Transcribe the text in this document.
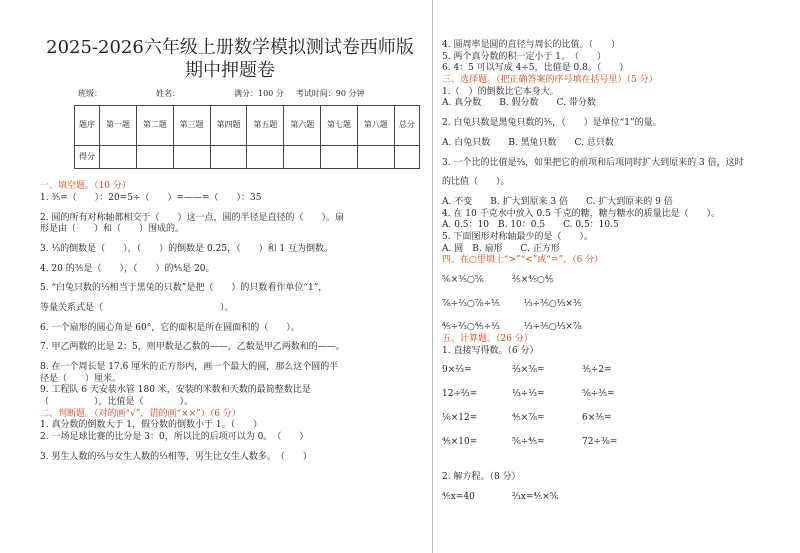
2025-2026六年级上册数学模拟测试卷西师版
期中押题卷
班级：	姓名：	满分：100 分 考试时间：90 分钟
题序	第一题	第二题	第三题	第四题	第五题	第六题	第七题	第八题	总分
得分									
一、填空题。（10 分）
1. ⅗=（　　）：20=5÷（　　）=——=（　　）：35
2. 圆的所有对称轴都相交于（　　）这一点，圆的半径是直径的（　　）。扇
形是由（　　）和（　　）围成的。
3. ⅓的倒数是（　　），（　　）的倒数是 0.25，（　　）和 1 互为倒数。
4. 20 的⅗是（　　），（　　）的⅘是 20。
5. “白兔只数的⅓相当于黑兔的只数”是把（　　）的只数看作单位“1”，
等量关系式是（　　　　　　　　　　　　　）。
6. 一个扇形的圆心角是 60°，它的面积是所在圆面积的（　　）。
7. 甲乙两数的比是 2：5，则甲数是乙数的——，乙数是甲乙两数和的——。
8. 在一个周长是 17.6 厘米的正方形内，画一个最大的圆，那么这个圆的半
径是（　　）厘米。
9. 工程队 6 天安装水管 180 米，安装的米数和天数的最简整数比是
（　　　　　），比值是（　　　　）。
二、判断题。（对的画“√”，错的画“××”）（6 分）
1. 真分数的倒数大于 1，假分数的倒数小于 1。（　　）
2. 一场足球比赛的比分是 3：0，所以比的后项可以为 0。　（　　）
3. 男生人数的⅔与女生人数的⅓相等，男生比女生人数多。　（　　）
4. 圆周率是圆的直径与周长的比值。（　　）
5. 两个真分数的积一定小于 1。　（　　）
6. 4：5 可以写成 4÷5，比值是 0.8。（　　）
三、选择题。（把正确答案的序号填在括号里）（5 分）
1.（　）的倒数比它本身大。
A. 真分数　　B. 假分数　　C. 带分数
2. 白兔只数是黑兔只数的⅗，（　　）是单位“1”的量。
A. 白兔只数　　B. 黑兔只数　　C. 总只数
3. 一个比的比值是⅔，如果把它的前项和后项同时扩大到原来的 3 倍，这时
的比值（　　）。
A. 不变　　B. 扩大到原来 3 倍　　C. 扩大到原来的 9 倍
4. 在 10 千克水中放入 0.5 千克的糖，糖与糖水的质量比是（　　）。
A. 0.5：10　B. 10：0.5　　C. 0.5：10.5
5. 下面图形对称轴最少的是（　　）。
A. 圆　B. 扇形　　C. 正方形
四、在○里填上“>”“<”或“=”。（6 分）
⅚×⅗○⅚	⅖×⅘○⅘
⅞÷⅔○⅞÷⅕	⅓÷⅗○⅓×⅗
⅘÷⅔○⅘÷⅓	⅓÷⅗○⅓×⅞
五、计算题。（26 分）
1. 直接写得数。（6 分）
9×⅔=	⅔×⅜=	⅗÷2=
12÷⅔=	⅓÷⅓=	⅝÷⅗=
⅙×12=	⅘×⅞=	6×⅗=
⅘×10=	⅚÷⅘=	72÷⅜=
2. 解方程。（8 分）
⅘x=40	⅔x=⅘×⅚
